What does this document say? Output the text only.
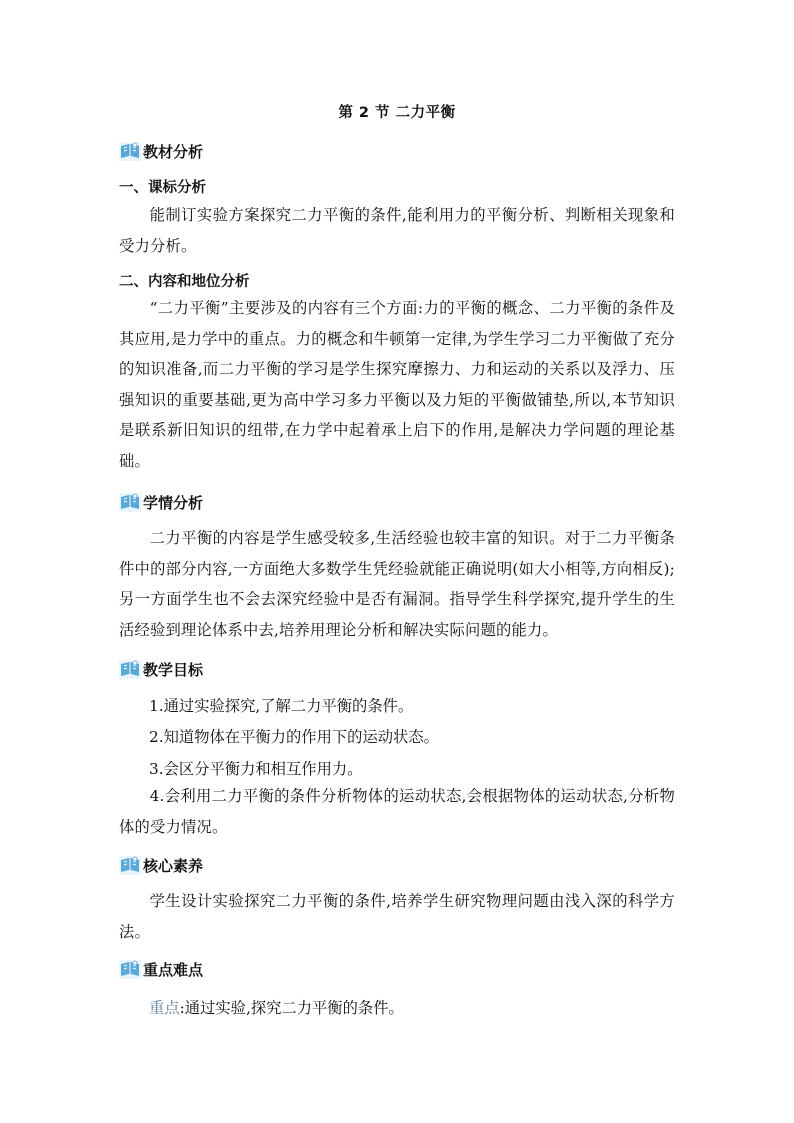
第 2 节 二力平衡
教材分析
一、课标分析
能制订实验方案探究二力平衡的条件,能利用力的平衡分析、判断相关现象和受力分析。
二、内容和地位分析
“二力平衡”主要涉及的内容有三个方面:力的平衡的概念、二力平衡的条件及其应用,是力学中的重点。力的概念和牛顿第一定律,为学生学习二力平衡做了充分的知识准备,而二力平衡的学习是学生探究摩擦力、力和运动的关系以及浮力、压强知识的重要基础,更为高中学习多力平衡以及力矩的平衡做铺垫,所以,本节知识是联系新旧知识的纽带,在力学中起着承上启下的作用,是解决力学问题的理论基础。
学情分析
二力平衡的内容是学生感受较多,生活经验也较丰富的知识。对于二力平衡条件中的部分内容,一方面绝大多数学生凭经验就能正确说明(如大小相等,方向相反);另一方面学生也不会去深究经验中是否有漏洞。指导学生科学探究,提升学生的生活经验到理论体系中去,培养用理论分析和解决实际问题的能力。
教学目标
1.通过实验探究,了解二力平衡的条件。
2.知道物体在平衡力的作用下的运动状态。
3.会区分平衡力和相互作用力。
4.会利用二力平衡的条件分析物体的运动状态,会根据物体的运动状态,分析物体的受力情况。
核心素养
学生设计实验探究二力平衡的条件,培养学生研究物理问题由浅入深的科学方法。
重点难点
重点:通过实验,探究二力平衡的条件。
